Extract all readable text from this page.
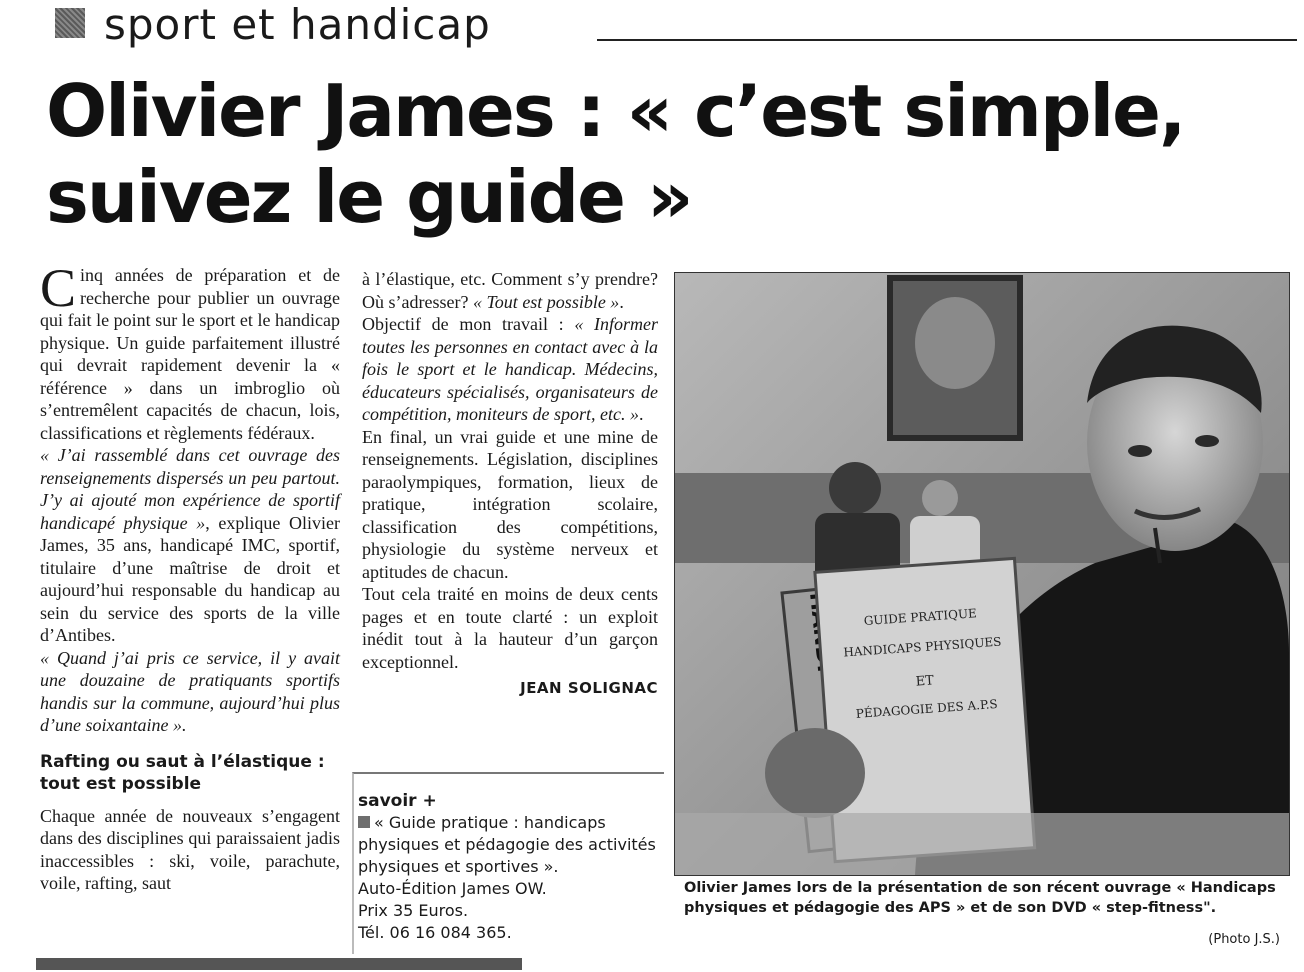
sport et handicap
Olivier James : « c’est simple, suivez le guide »

Cinq années de préparation et de recherche pour publier un ouvrage qui fait le point sur le sport et le handicap physique. Un guide parfaitement illustré qui devrait rapidement devenir la « référence » dans un imbroglio où s’entremêlent capacités de chacun, lois, classifications et règlements fédéraux.

« J’ai rassemblé dans cet ouvrage des renseignements dispersés un peu partout. J’y ai ajouté mon expérience de sportif handicapé physique », explique Olivier James, 35 ans, handicapé IMC, sportif, titulaire d’une maîtrise de droit et aujourd’hui responsable du handicap au sein du service des sports de la ville d’Antibes.

« Quand j’ai pris ce service, il y avait une douzaine de pratiquants sportifs handis sur la commune, aujourd’hui plus d’une soixantaine ».

Rafting ou saut à l’élastique : tout est possible

Chaque année de nouveaux s’engagent dans des disciplines qui paraissaient jadis inaccessibles : ski, voile, parachute, voile, rafting, saut

à l’élastique, etc. Comment s’y prendre? Où s’adresser? « Tout est possible ».

Objectif de mon travail : « Informer toutes les personnes en contact avec à la fois le sport et le handicap. Médecins, éducateurs spécialisés, organisateurs de compétition, moniteurs de sport, etc. ».

En final, un vrai guide et une mine de renseignements. Législation, disciplines paraolympiques, formation, lieux de pratique, intégration scolaire, classification des compétitions, physiologie du système nerveux et aptitudes de chacun.

Tout cela traité en moins de deux cents pages et en toute clarté : un exploit inédit tout à la hauteur d’un garçon exceptionnel.

JEAN SOLIGNAC

savoir +
« Guide pratique : handicaps physiques et pédagogie des activités physiques et sportives ».
Auto-Édition James OW.
Prix 35 Euros.
Tél. 06 16 084 365.
GUIDE PRATIQUE
HANDICAPS PHYSIQUES
ET
PÉDAGOGIE DES A.P.S
Olivier James lors de la présentation de son récent ouvrage « Handicaps physiques et pédagogie des APS » et de son DVD « step-fitness".
(Photo J.S.)
